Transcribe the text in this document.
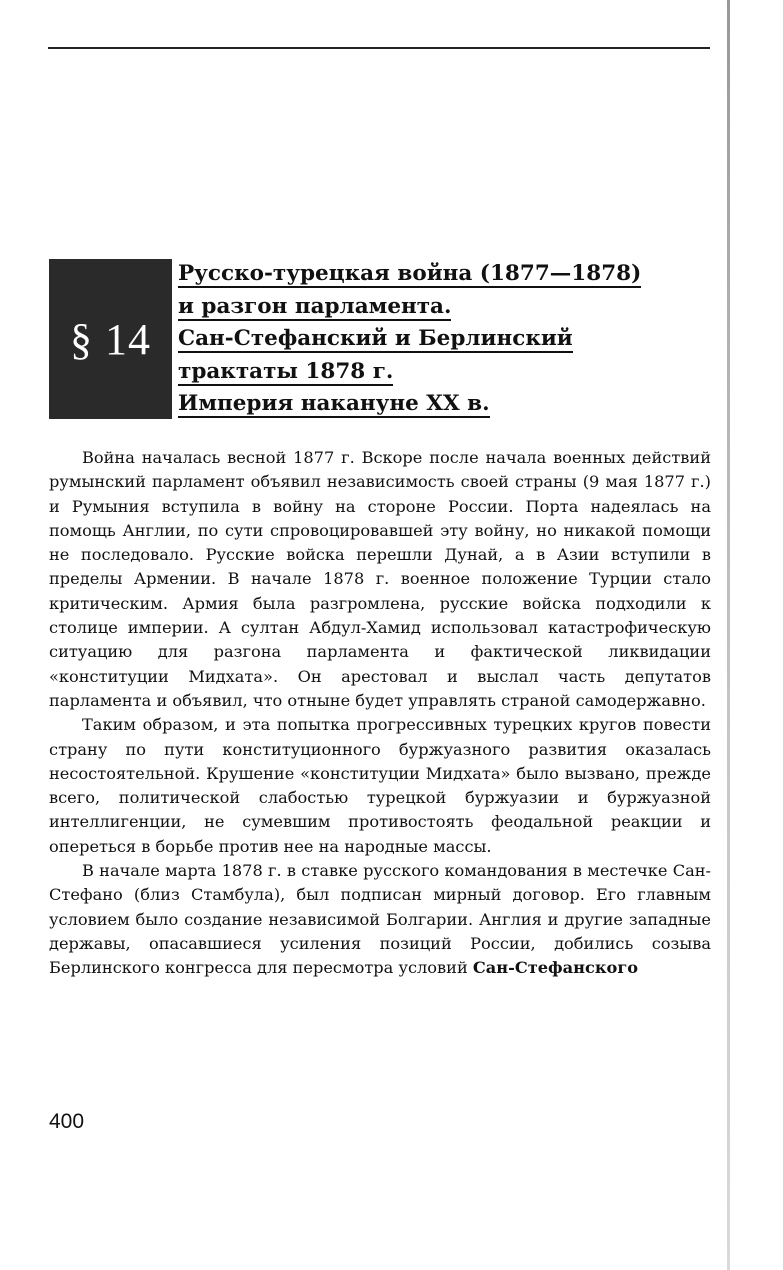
§ 14
Русско-турецкая война (1877—1878)
и разгон парламента.
Сан-Стефанский и Берлинский
трактаты 1878 г.
Империя накануне XX в.

Война началась весной 1877 г. Вскоре после начала военных действий румынский парламент объявил независимость своей страны (9 мая 1877 г.) и Румыния вступила в войну на стороне России. Порта надеялась на помощь Англии, по сути спровоцировавшей эту войну, но никакой помощи не последовало. Русские войска перешли Дунай, а в Азии вступили в пределы Армении. В начале 1878 г. военное положение Турции стало критическим. Армия была разгромлена, русские войска подходили к столице империи. А султан Абдул-Хамид использовал катастрофическую ситуацию для разгона парламента и фактической ликвидации «конституции Мидхата». Он арестовал и выслал часть депутатов парламента и объявил, что отныне будет управлять страной самодержавно.

Таким образом, и эта попытка прогрессивных турецких кругов повести страну по пути конституционного буржуазного развития оказалась несостоятельной. Крушение «конституции Мидхата» было вызвано, прежде всего, политической слабостью турецкой буржуазии и буржуазной интеллигенции, не сумевшим противостоять феодальной реакции и опереться в борьбе против нее на народные массы.

В начале марта 1878 г. в ставке русского командования в местечке Сан-Стефано (близ Стамбула), был подписан мирный договор. Его главным условием было создание независимой Болгарии. Англия и другие западные державы, опасавшиеся усиления позиций России, добились созыва Берлинского конгресса для пересмотра условий Сан-Стефанского

400
